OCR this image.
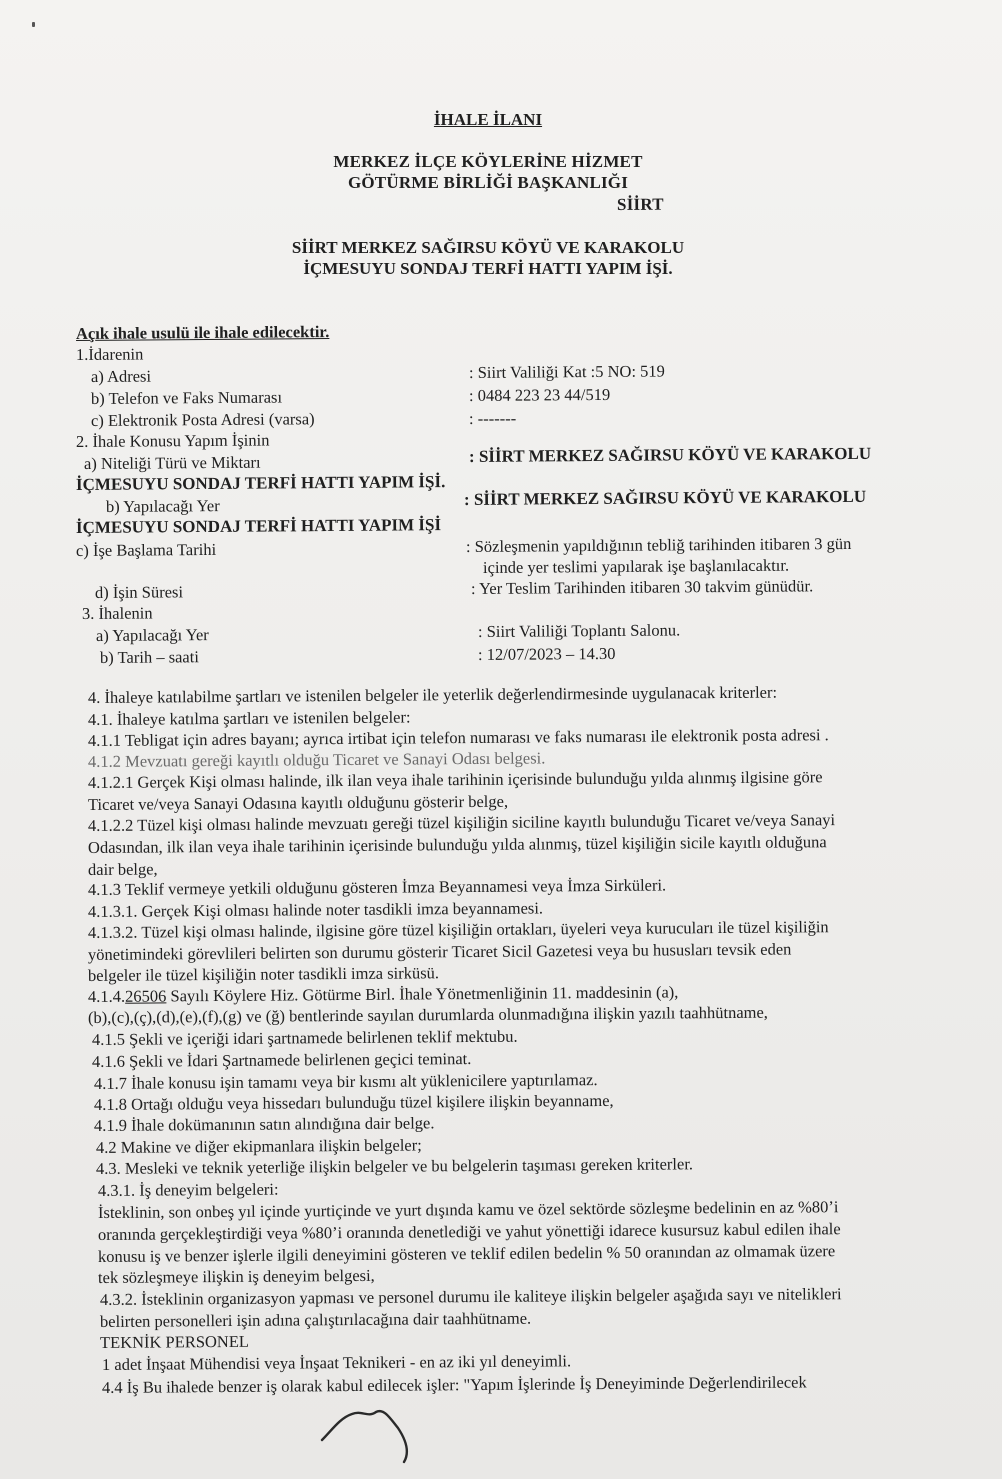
İHALE İLANI
MERKEZ İLÇE KÖYLERİNE HİZMET
GÖTÜRME BİRLİĞİ BAŞKANLIĞI
SİİRT
SİİRT MERKEZ SAĞIRSU KÖYÜ VE KARAKOLU
İÇMESUYU SONDAJ TERFİ HATTI YAPIM İŞİ.
Açık ihale usulü ile ihale edilecektir.
1.İdarenin
a) Adresi	: Siirt Valiliği Kat :5 NO: 519
b) Telefon ve Faks Numarası	: 0484 223 23 44/519
c) Elektronik Posta Adresi (varsa)	: -------
2. İhale Konusu Yapım İşinin
a) Niteliği Türü ve Miktarı	: SİİRT MERKEZ SAĞIRSU KÖYÜ VE KARAKOLU
İÇMESUYU SONDAJ TERFİ HATTI YAPIM İŞİ.
b) Yapılacağı Yer	: SİİRT MERKEZ SAĞIRSU KÖYÜ VE KARAKOLU
İÇMESUYU SONDAJ TERFİ HATTI YAPIM İŞİ
c) İşe Başlama Tarihi	: Sözleşmenin yapıldığının tebliğ tarihinden itibaren 3 gün
içinde yer teslimi yapılarak işe başlanılacaktır.
d) İşin Süresi	: Yer Teslim Tarihinden itibaren 30 takvim günüdür.
3. İhalenin
a) Yapılacağı Yer	: Siirt Valiliği Toplantı Salonu.
b) Tarih – saati	: 12/07/2023 – 14.30
4. İhaleye katılabilme şartları ve istenilen belgeler ile yeterlik değerlendirmesinde uygulanacak kriterler:
4.1. İhaleye katılma şartları ve istenilen belgeler:
4.1.1 Tebligat için adres bayanı; ayrıca irtibat için telefon numarası ve faks numarası ile elektronik posta adresi .
4.1.2 Mevzuatı gereği kayıtlı olduğu Ticaret ve Sanayi Odası belgesi.
4.1.2.1 Gerçek Kişi olması halinde, ilk ilan veya ihale tarihinin içerisinde bulunduğu yılda alınmış ilgisine göre
Ticaret ve/veya Sanayi Odasına kayıtlı olduğunu gösterir belge,
4.1.2.2 Tüzel kişi olması halinde mevzuatı gereği tüzel kişiliğin siciline kayıtlı bulunduğu Ticaret ve/veya Sanayi
Odasından, ilk ilan veya ihale tarihinin içerisinde bulunduğu yılda alınmış, tüzel kişiliğin sicile kayıtlı olduğuna
dair belge,
4.1.3 Teklif vermeye yetkili olduğunu gösteren İmza Beyannamesi veya İmza Sirküleri.
4.1.3.1. Gerçek Kişi olması halinde noter tasdikli imza beyannamesi.
4.1.3.2. Tüzel kişi olması halinde, ilgisine göre tüzel kişiliğin ortakları, üyeleri veya kurucuları ile tüzel kişiliğin
yönetimindeki görevlileri belirten son durumu gösterir Ticaret Sicil Gazetesi veya bu hususları tevsik eden
belgeler ile tüzel kişiliğin noter tasdikli imza sirküsü.
4.1.4.26506 Sayılı Köylere Hiz. Götürme Birl. İhale Yönetmenliğinin 11. maddesinin (a),
(b),(c),(ç),(d),(e),(f),(g) ve (ğ) bentlerinde sayılan durumlarda olunmadığına ilişkin yazılı taahhütname,
4.1.5 Şekli ve içeriği idari şartnamede belirlenen teklif mektubu.
4.1.6 Şekli ve İdari Şartnamede belirlenen geçici teminat.
4.1.7 İhale konusu işin tamamı veya bir kısmı alt yüklenicilere yaptırılamaz.
4.1.8 Ortağı olduğu veya hissedarı bulunduğu tüzel kişilere ilişkin beyanname,
4.1.9 İhale dokümanının satın alındığına dair belge.
4.2 Makine ve diğer ekipmanlara ilişkin belgeler;
4.3. Mesleki ve teknik yeterliğe ilişkin belgeler ve bu belgelerin taşıması gereken kriterler.
4.3.1. İş deneyim belgeleri:
İsteklinin, son onbeş yıl içinde yurtiçinde ve yurt dışında kamu ve özel sektörde sözleşme bedelinin en az %80’i
oranında gerçekleştirdiği veya %80’i oranında denetlediği ve yahut yönettiği idarece kusursuz kabul edilen ihale
konusu iş ve benzer işlerle ilgili deneyimini gösteren ve teklif edilen bedelin % 50 oranından az olmamak üzere
tek sözleşmeye ilişkin iş deneyim belgesi,
4.3.2. İsteklinin organizasyon yapması ve personel durumu ile kaliteye ilişkin belgeler aşağıda sayı ve nitelikleri
belirten personelleri işin adına çalıştırılacağına dair taahhütname.
TEKNİK PERSONEL
1 adet İnşaat Mühendisi veya İnşaat Teknikeri - en az iki yıl deneyimli.
4.4 İş Bu ihalede benzer iş olarak kabul edilecek işler: "Yapım İşlerinde İş Deneyiminde Değerlendirilecek
